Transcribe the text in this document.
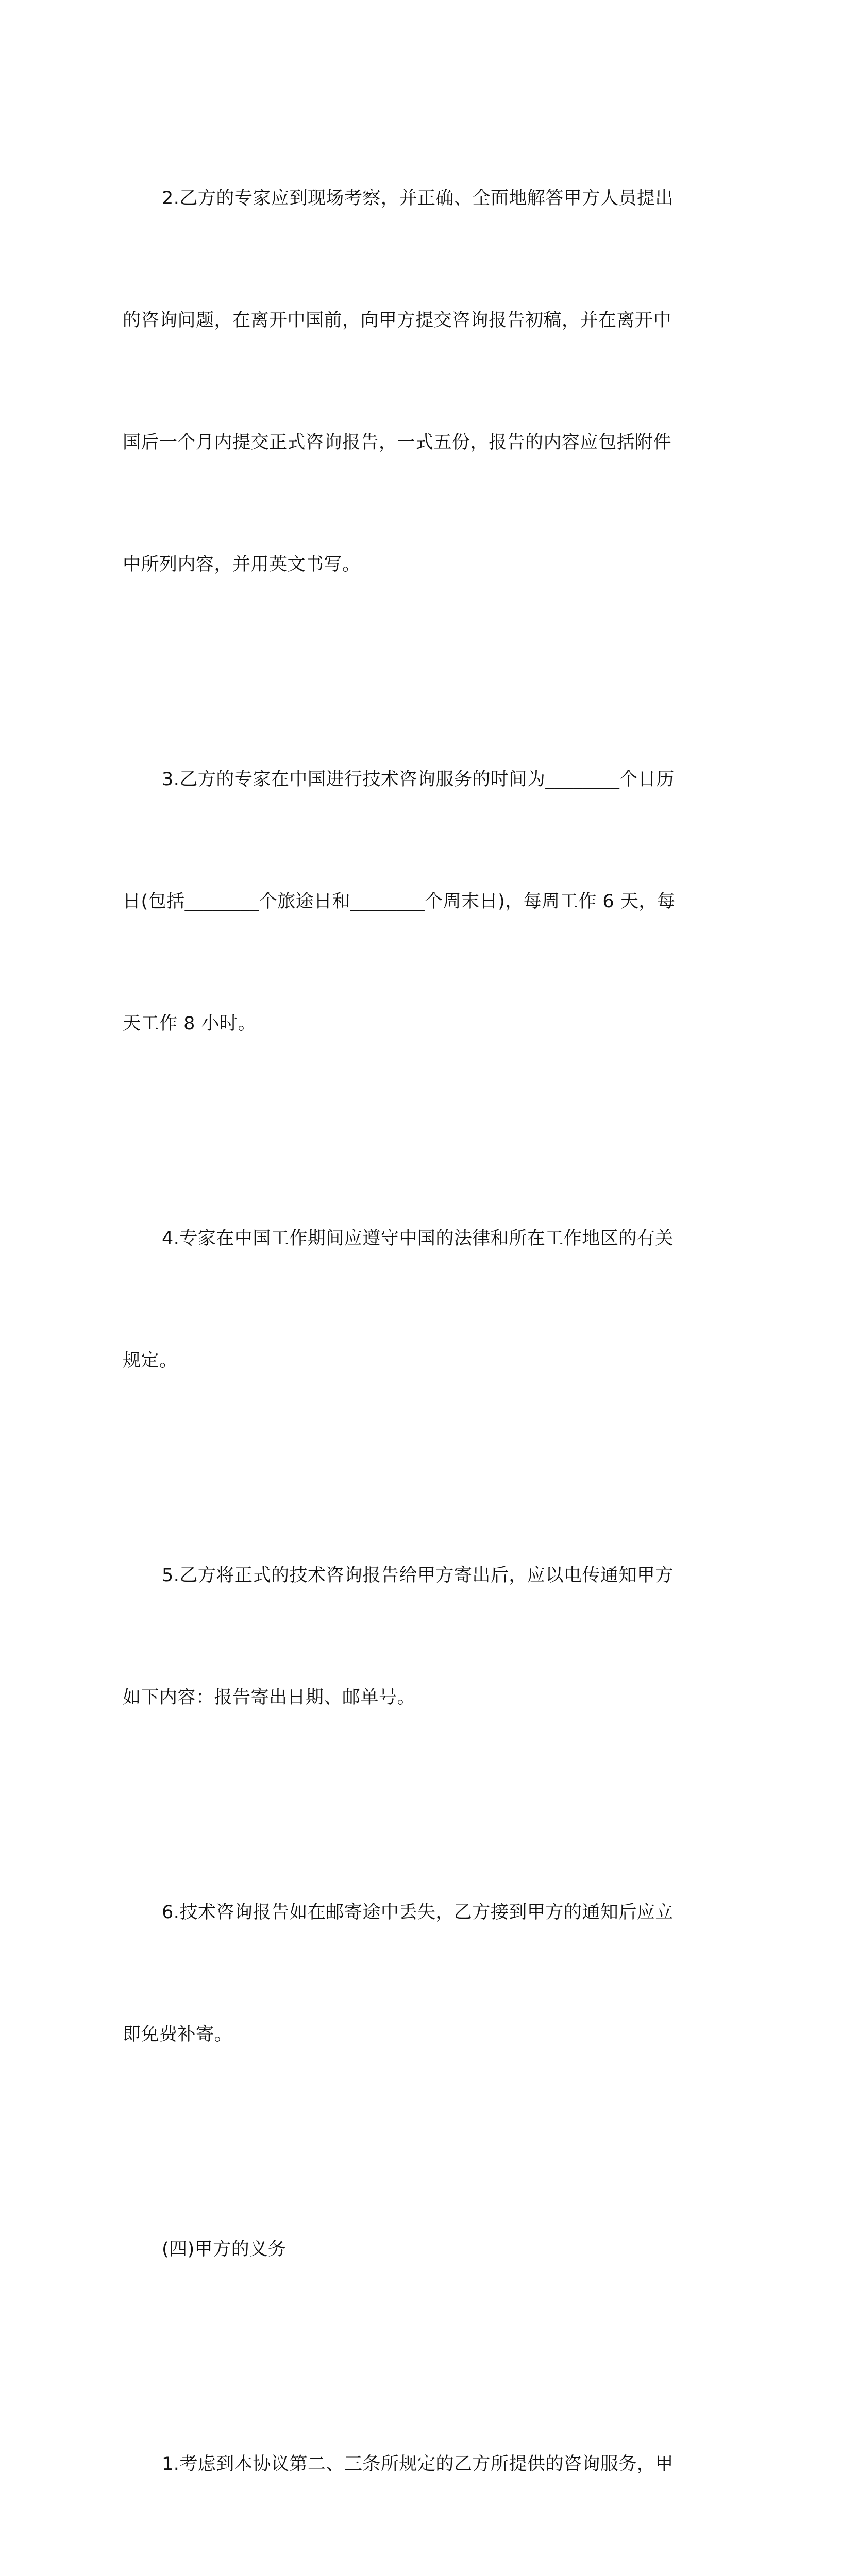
2.乙方的专家应到现场考察，并正确、全面地解答甲方人员提出

的咨询问题，在离开中国前，向甲方提交咨询报告初稿，并在离开中

国后一个月内提交正式咨询报告，一式五份，报告的内容应包括附件

中所列内容，并用英文书写。

3.乙方的专家在中国进行技术咨询服务的时间为________个日历

日(包括________个旅途日和________个周末日)，每周工作 6 天，每

天工作 8 小时。

4.专家在中国工作期间应遵守中国的法律和所在工作地区的有关

规定。

5.乙方将正式的技术咨询报告给甲方寄出后，应以电传通知甲方

如下内容：报告寄出日期、邮单号。

6.技术咨询报告如在邮寄途中丢失，乙方接到甲方的通知后应立

即免费补寄。

(四)甲方的义务

1.考虑到本协议第二、三条所规定的乙方所提供的咨询服务，甲
